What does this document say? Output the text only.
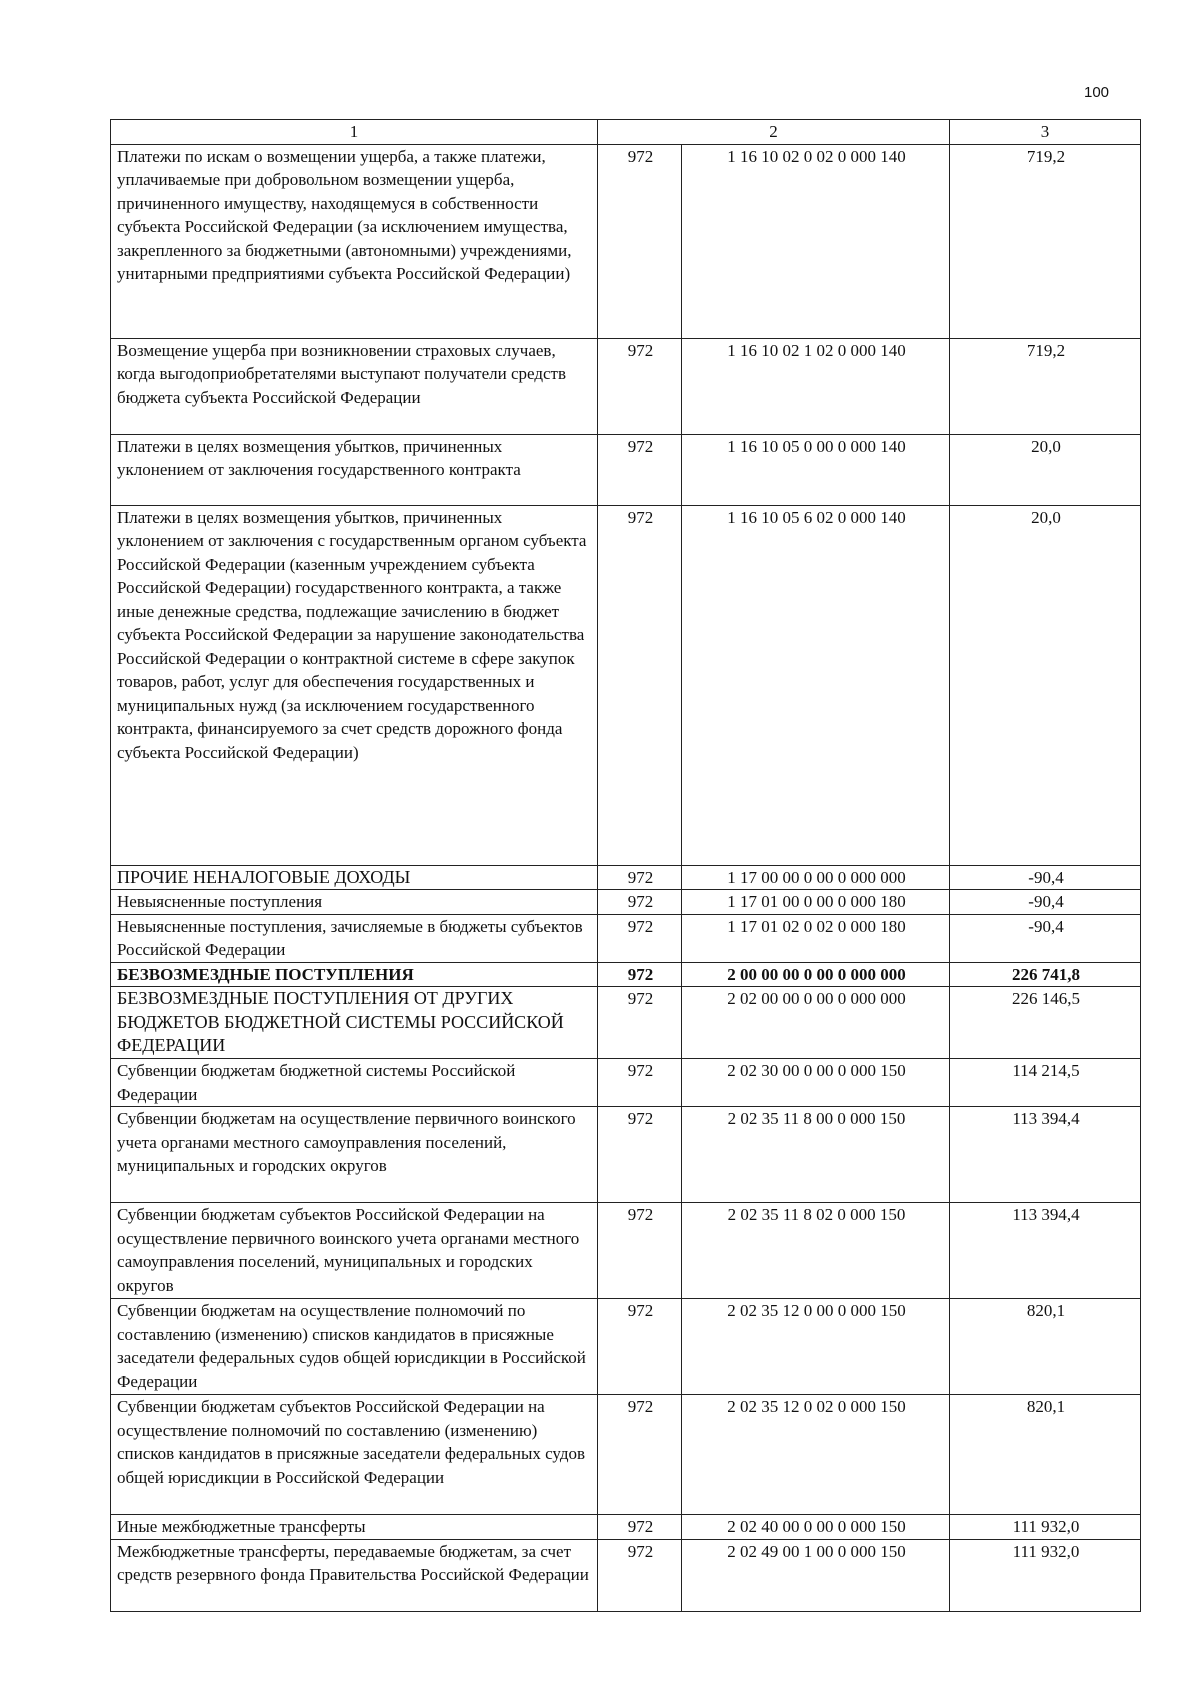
100
1	2		3
Платежи по искам о возмещении ущерба, а также платежи, уплачиваемые при добровольном возмещении ущерба, причиненного имуществу, находящемуся в собственности субъекта Российской Федерации (за исключением имущества, закрепленного за бюджетными (автономными) учреждениями, унитарными предприятиями субъекта Российской Федерации)	972	1 16 10 02 0 02 0 000 140	719,2
Возмещение ущерба при возникновении страховых случаев, когда выгодоприобретателями выступают получатели средств бюджета субъекта Российской Федерации	972	1 16 10 02 1 02 0 000 140	719,2
Платежи в целях возмещения убытков, причиненных уклонением от заключения государственного контракта	972	1 16 10 05 0 00 0 000 140	20,0
Платежи в целях возмещения убытков, причиненных уклонением от заключения с государственным органом субъекта Российской Федерации (казенным учреждением субъекта Российской Федерации) государственного контракта, а также иные денежные средства, подлежащие зачислению в бюджет субъекта Российской Федерации за нарушение законодательства Российской Федерации о контрактной системе в сфере закупок товаров, работ, услуг для обеспечения государственных и муниципальных нужд (за исключением государственного контракта, финансируемого за счет средств дорожного фонда субъекта Российской Федерации)	972	1 16 10 05 6 02 0 000 140	20,0
ПРОЧИЕ НЕНАЛОГОВЫЕ ДОХОДЫ	972	1 17 00 00 0 00 0 000 000	-90,4
Невыясненные поступления	972	1 17 01 00 0 00 0 000 180	-90,4
Невыясненные поступления, зачисляемые в бюджеты субъектов Российской Федерации	972	1 17 01 02 0 02 0 000 180	-90,4
БЕЗВОЗМЕЗДНЫЕ ПОСТУПЛЕНИЯ	972	2 00 00 00 0 00 0 000 000	226 741,8
БЕЗВОЗМЕЗДНЫЕ ПОСТУПЛЕНИЯ ОТ ДРУГИХ БЮДЖЕТОВ БЮДЖЕТНОЙ СИСТЕМЫ РОССИЙСКОЙ ФЕДЕРАЦИИ	972	2 02 00 00 0 00 0 000 000	226 146,5
Субвенции бюджетам бюджетной системы Российской Федерации	972	2 02 30 00 0 00 0 000 150	114 214,5
Субвенции бюджетам на осуществление первичного воинского учета органами местного самоуправления поселений, муниципальных и городских округов	972	2 02 35 11 8 00 0 000 150	113 394,4
Субвенции бюджетам субъектов Российской Федерации на осуществление первичного воинского учета органами местного самоуправления поселений, муниципальных и городских округов	972	2 02 35 11 8 02 0 000 150	113 394,4
Субвенции бюджетам на осуществление полномочий по составлению (изменению) списков кандидатов в присяжные заседатели федеральных судов общей юрисдикции в Российской Федерации	972	2 02 35 12 0 00 0 000 150	820,1
Субвенции бюджетам субъектов Российской Федерации на осуществление полномочий по составлению (изменению) списков кандидатов в присяжные заседатели федеральных судов общей юрисдикции в Российской Федерации	972	2 02 35 12 0 02 0 000 150	820,1
Иные межбюджетные трансферты	972	2 02 40 00 0 00 0 000 150	111 932,0
Межбюджетные трансферты, передаваемые бюджетам, за счет средств резервного фонда Правительства Российской Федерации	972	2 02 49 00 1 00 0 000 150	111 932,0
